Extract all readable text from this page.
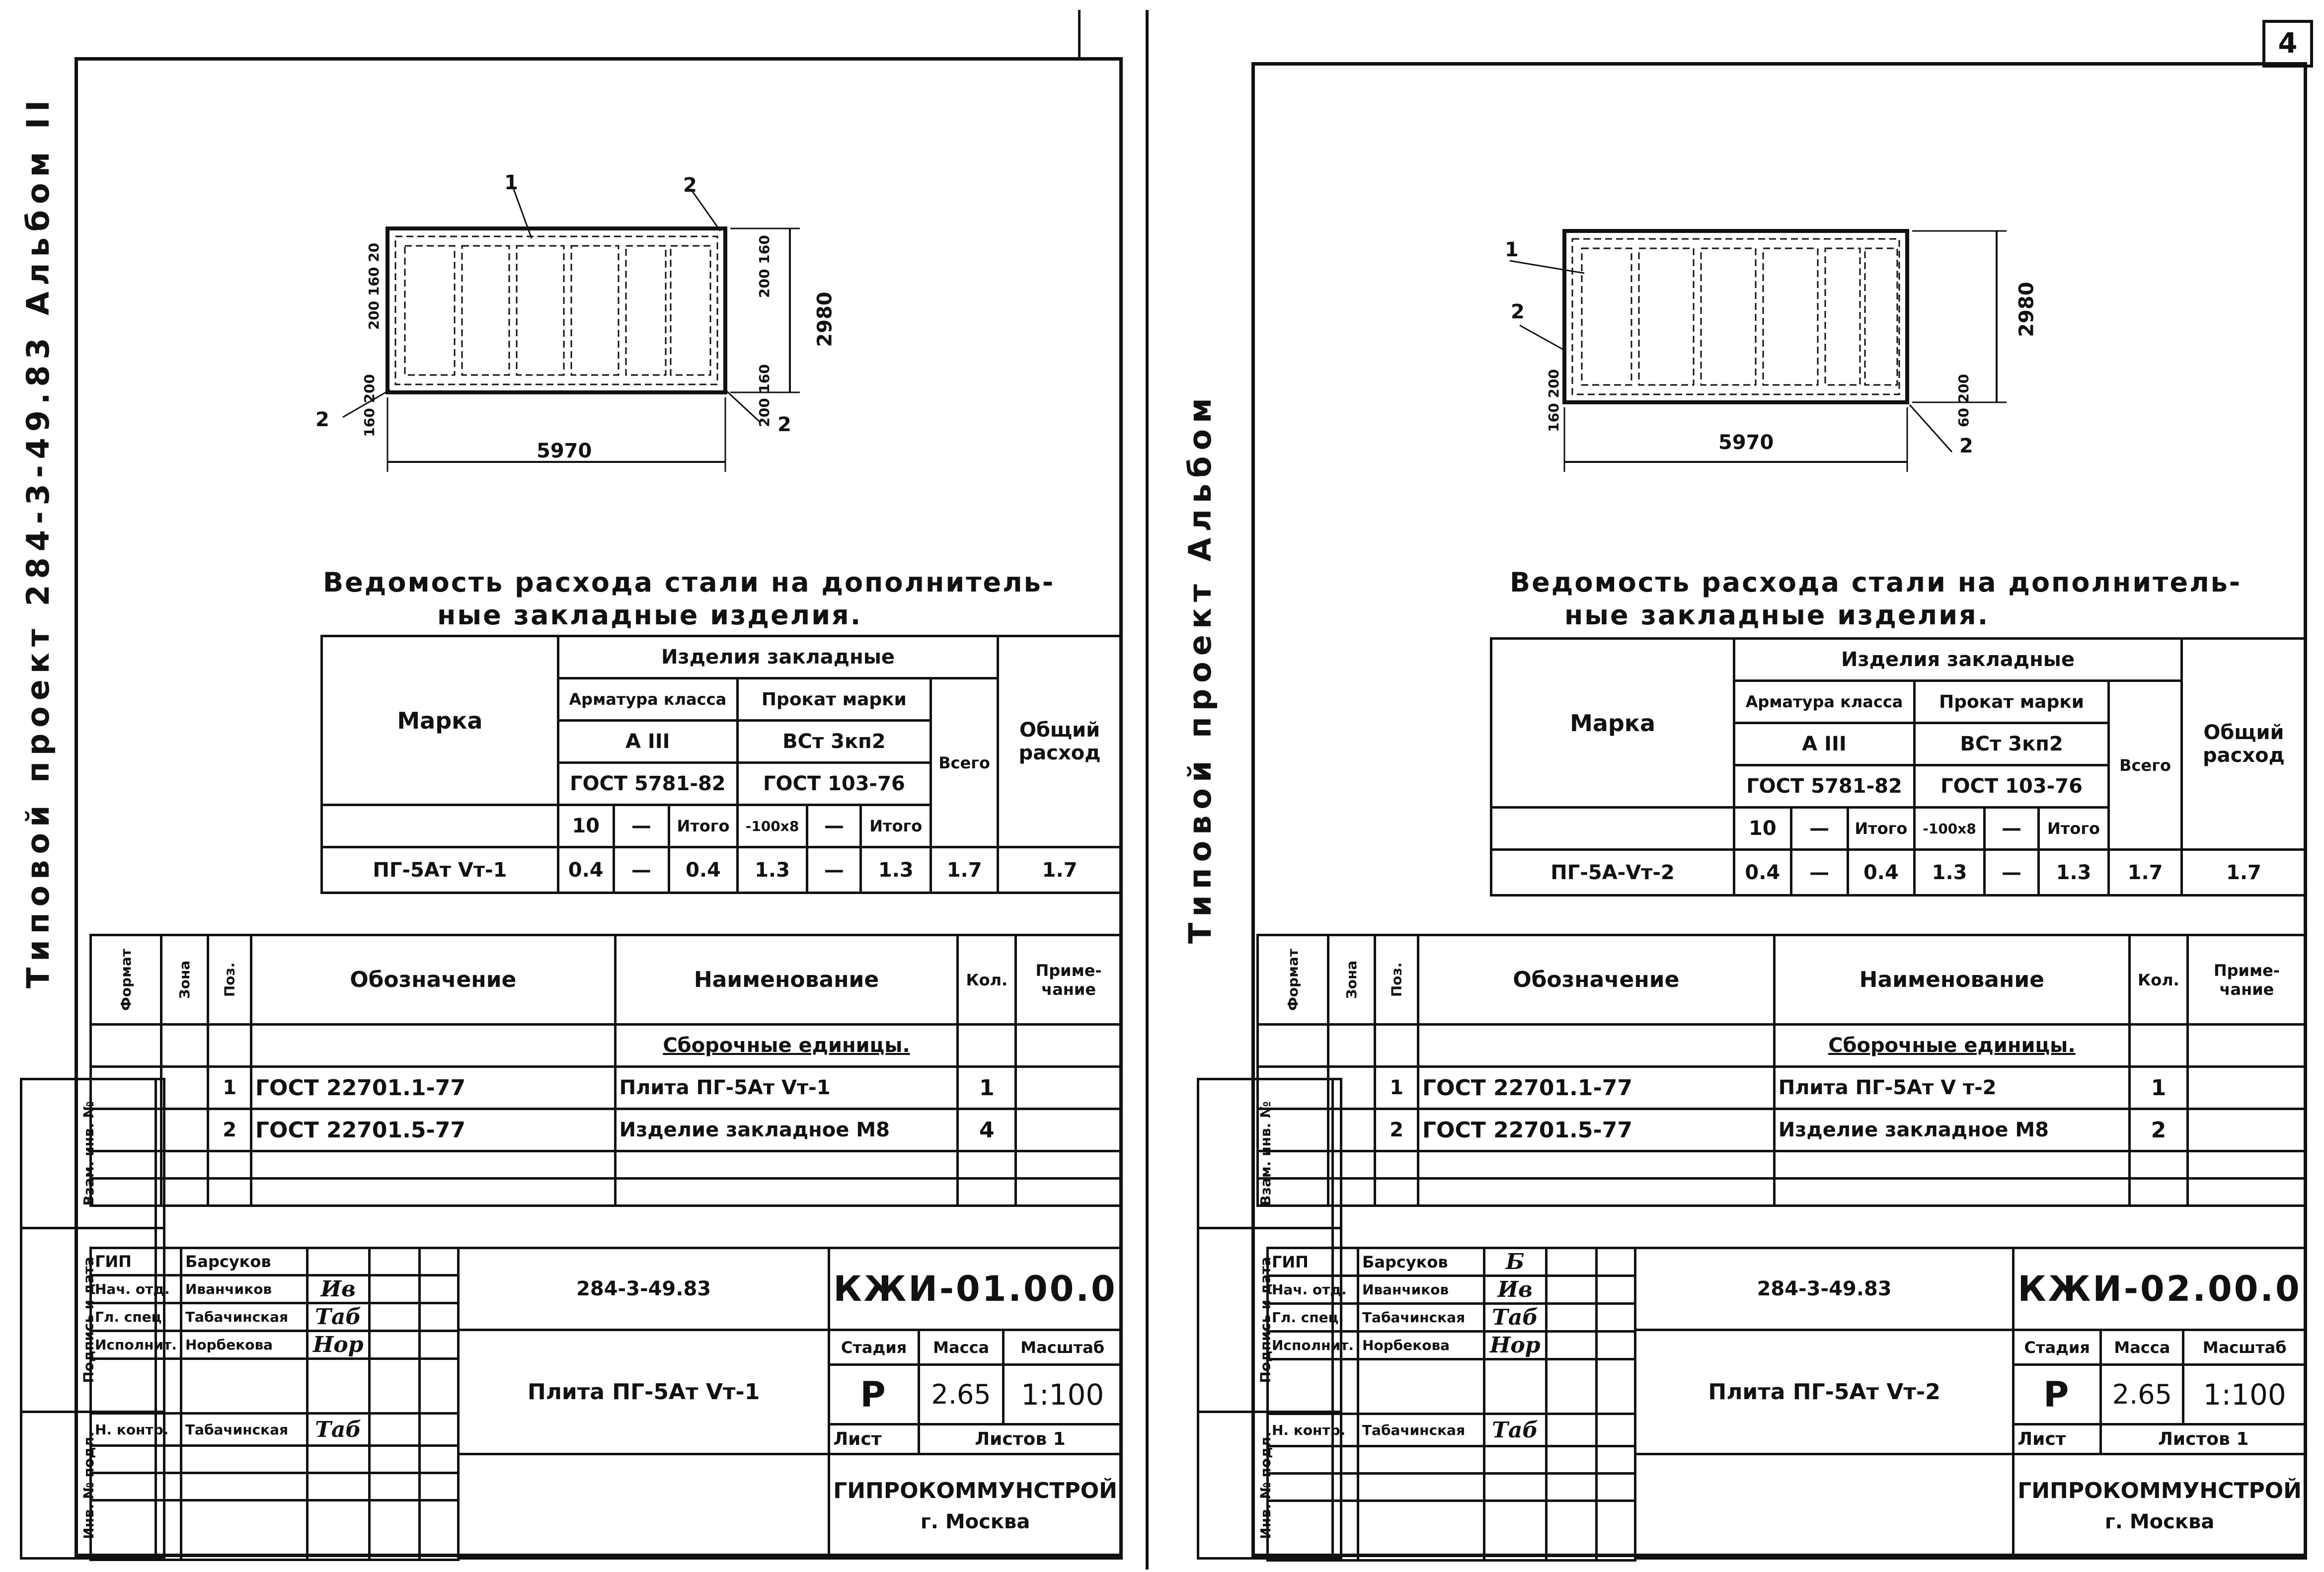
Типовой проект 284-3-49.83 Альбом II	5970
2980
1	2
2	2
200 160 20
160 200
200 160
200 160
Ведомость расхода стали на дополнитель-
ные закладные изделия.
Марка	Изделия закладные							Общий расход
	Арматура класса			Прокат марки			Всего	
	А III			ВСт 3кп2				
	ГОСТ 5781-82			ГОСТ 103-76				
	10	—	Итого	-100х8	—	Итого		
ПГ-5Ат Vт-1	0.4	—	0.4	1.3	—	1.3	1.7	1.7
Формат	Зона	Поз.	Обозначение	Наименование	Кол.	Приме-чание
				Сборочные единицы.		
		1	ГОСТ 22701.1-77	Плита ПГ-5Ат Vт-1	1	
		2	ГОСТ 22701.5-77	Изделие закладное М8	4	

Взам. инв. №	
Подпись и дата	
Инв. № подл.	
ГИП	Барсуков			
Нач. отд.	Иванчиков	Ив		
Гл. спец.	Табачинская	Таб		
Исполнит.	Норбекова	Нор		

Н. контр.	Табачинская	Таб		

284-3-49.83	КЖИ-01.00.0		
Плита ПГ-5Ат Vт-1	Стадия	Масса	Масштаб
	Р	2.65	1:100
	Лист	Листов 1	

	ГИПРОКОММУНСТРОЙ
г. Москва		
Типовой проект Альбом
4
5970
2980
1
2
2
160 200	60 200
Ведомость расхода стали на дополнитель-
ные закладные изделия.
Марка	Изделия закладные							Общий расход
	Арматура класса			Прокат марки			Всего	
	А III			ВСт 3кп2				
	ГОСТ 5781-82			ГОСТ 103-76				
	10	—	Итого	-100х8	—	Итого		
ПГ-5А-Vт-2	0.4	—	0.4	1.3	—	1.3	1.7	1.7
Формат	Зона	Поз.	Обозначение	Наименование	Кол.	Приме-чание
				Сборочные единицы.		
		1	ГОСТ 22701.1-77	Плита ПГ-5Ат V т-2	1	
		2	ГОСТ 22701.5-77	Изделие закладное М8	2	

Взам. инв. №	
Подпись и дата	
Инв. № подл.	
ГИП	Барсуков	Б		
Нач. отд.	Иванчиков	Ив		
Гл. спец.	Табачинская	Таб		
Исполнит.	Норбекова	Нор		

Н. контр.	Табачинская	Таб		

284-3-49.83	КЖИ-02.00.0		
Плита ПГ-5Ат Vт-2	Стадия	Масса	Масштаб
	Р	2.65	1:100
	Лист	Листов 1	

	ГИПРОКОММУНСТРОЙ
г. Москва		
